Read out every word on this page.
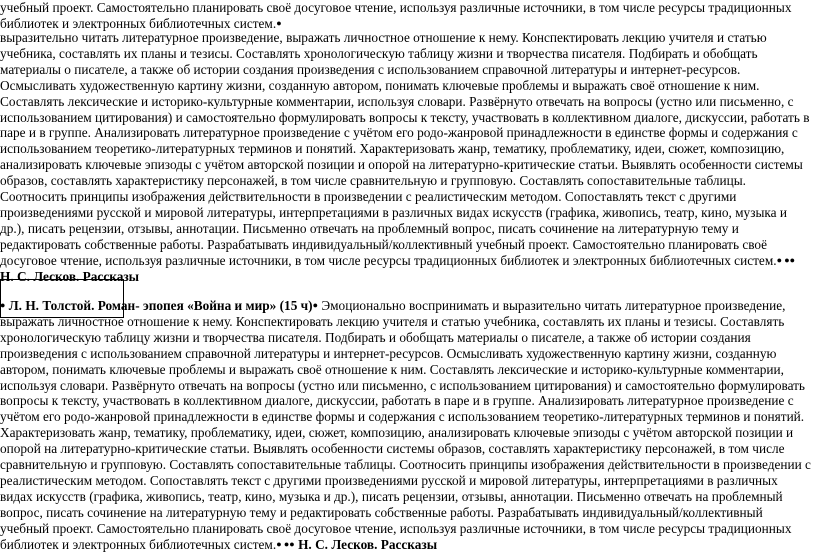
учебный проект. Самостоятельно планировать своё досуговое чтение, используя различные источники, в том числе ресурсы традиционных библиотек и электронных библиотечных систем.●

выразительно читать литературное произведение, выражать личностное отношение к нему. Конспектировать лекцию учителя и статью учебника, составлять их планы и тезисы. Составлять хронологическую таблицу жизни и творчества писателя. Подбирать и обобщать материалы о писателе, а также об истории создания произведения с использованием справочной литературы и интернет-ресурсов. Осмысливать художественную картину жизни, созданную автором, понимать ключевые проблемы и выражать своё отношение к ним. Составлять лексические и историко-культурные комментарии, используя словари. Развёрнуто отвечать на вопросы (устно или письменно, с использованием цитирования) и самостоятельно формулировать вопросы к тексту, участвовать в коллективном диалоге, дискуссии, работать в паре и в группе. Анализировать литературное произведение с учётом его родо-жанровой принадлежности в единстве формы и содержания с использованием теоретико-литературных терминов и понятий. Характеризовать жанр, тематику, проблематику, идеи, сюжет, композицию, анализировать ключевые эпизоды с учётом авторской позиции и опорой на литературно-критические статьи. Выявлять особенности системы образов, составлять характеристику персонажей, в том числе сравнительную и групповую. Составлять сопоставительные таблицы. Соотносить принципы изображения действительности в произведении с реалистическим методом. Сопоставлять текст с другими произведениями русской и мировой литературы, интерпретациями в различных видах искусств (графика, живопись, театр, кино, музыка и др.), писать рецензии, отзывы, аннотации. Письменно отвечать на проблемный вопрос, писать сочинение на литературную тему и редактировать собственные работы. Разрабатывать индивидуальный/коллективный учебный проект. Самостоятельно планировать своё досуговое чтение, используя различные источники, в том числе ресурсы традиционных библиотек и электронных библиотечных систем.● ●● Н. С. Лесков. Рассказы

● Л. Н. Толстой. Роман- эпопея «Война и мир» (15 ч)● Эмоционально воспринимать и выразительно читать литературное произведение, выражать личностное отношение к нему. Конспектировать лекцию учителя и статью учебника, составлять их планы и тезисы. Составлять хронологическую таблицу жизни и творчества писателя. Подбирать и обобщать материалы о писателе, а также об истории создания произведения с использованием справочной литературы и интернет-ресурсов. Осмысливать художественную картину жизни, созданную автором, понимать ключевые проблемы и выражать своё отношение к ним. Составлять лексические и историко-культурные комментарии, используя словари. Развёрнуто отвечать на вопросы (устно или письменно, с использованием цитирования) и самостоятельно формулировать вопросы к тексту, участвовать в коллективном диалоге, дискуссии, работать в паре и в группе. Анализировать литературное произведение с учётом его родо-жанровой принадлежности в единстве формы и содержания с использованием теоретико-литературных терминов и понятий. Характеризовать жанр, тематику, проблематику, идеи, сюжет, композицию, анализировать ключевые эпизоды с учётом авторской позиции и опорой на литературно-критические статьи. Выявлять особенности системы образов, составлять характеристику персонажей, в том числе сравнительную и групповую. Составлять сопоставительные таблицы. Соотносить принципы изображения действительности в произведении с реалистическим методом. Сопоставлять текст с другими произведениями русской и мировой литературы, интерпретациями в различных видах искусств (графика, живопись, театр, кино, музыка и др.), писать рецензии, отзывы, аннотации. Письменно отвечать на проблемный вопрос, писать сочинение на литературную тему и редактировать собственные работы. Разрабатывать индивидуальный/коллективный учебный проект. Самостоятельно планировать своё досуговое чтение, используя различные источники, в том числе ресурсы традиционных библиотек и электронных библиотечных систем.● ●● Н. С. Лесков. Рассказы
